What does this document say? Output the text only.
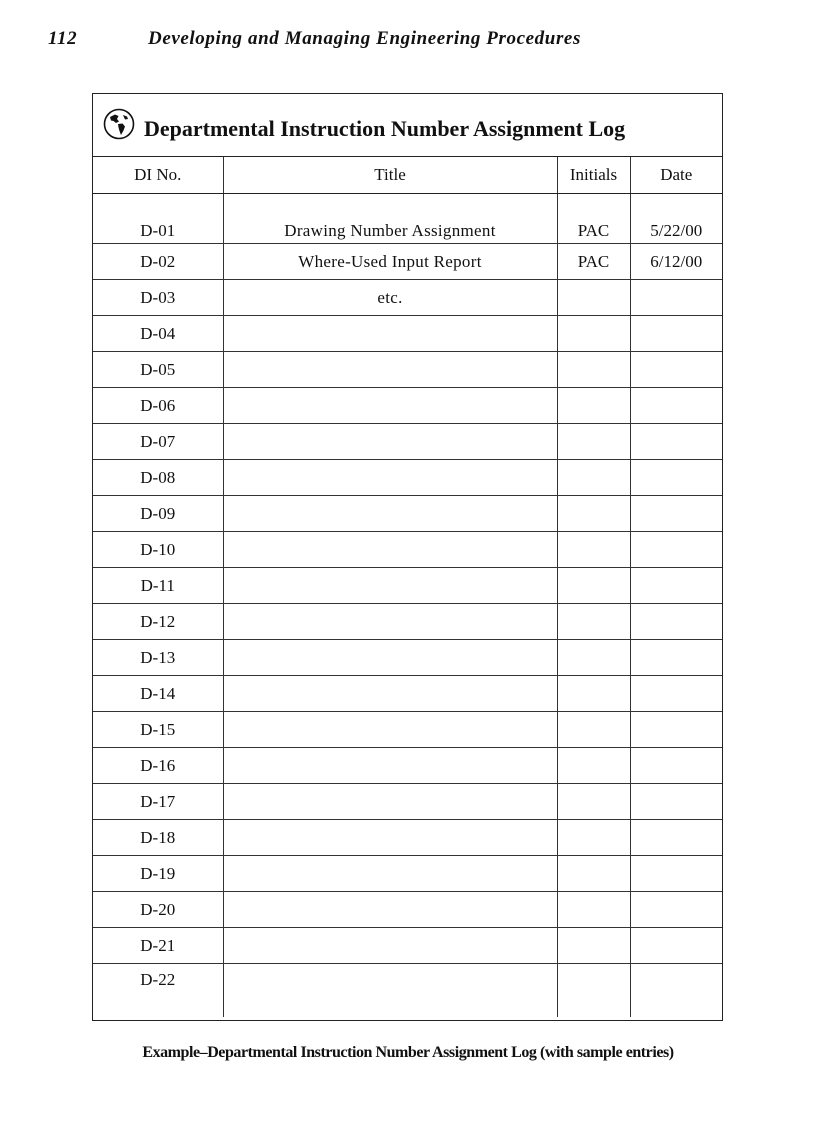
112	Developing and Managing Engineering Procedures
Departmental Instruction Number Assignment Log
DI No.	Title	Initials	Date
D-01	Drawing Number Assignment	PAC	5/22/00
D-02	Where-Used Input Report	PAC	6/12/00
D-03	etc.		
D-04			
D-05			
D-06			
D-07			
D-08			
D-09			
D-10			
D-11			
D-12			
D-13			
D-14			
D-15			
D-16			
D-17			
D-18			
D-19			
D-20			
D-21			
D-22			
Example–Departmental Instruction Number Assignment Log (with sample entries)
